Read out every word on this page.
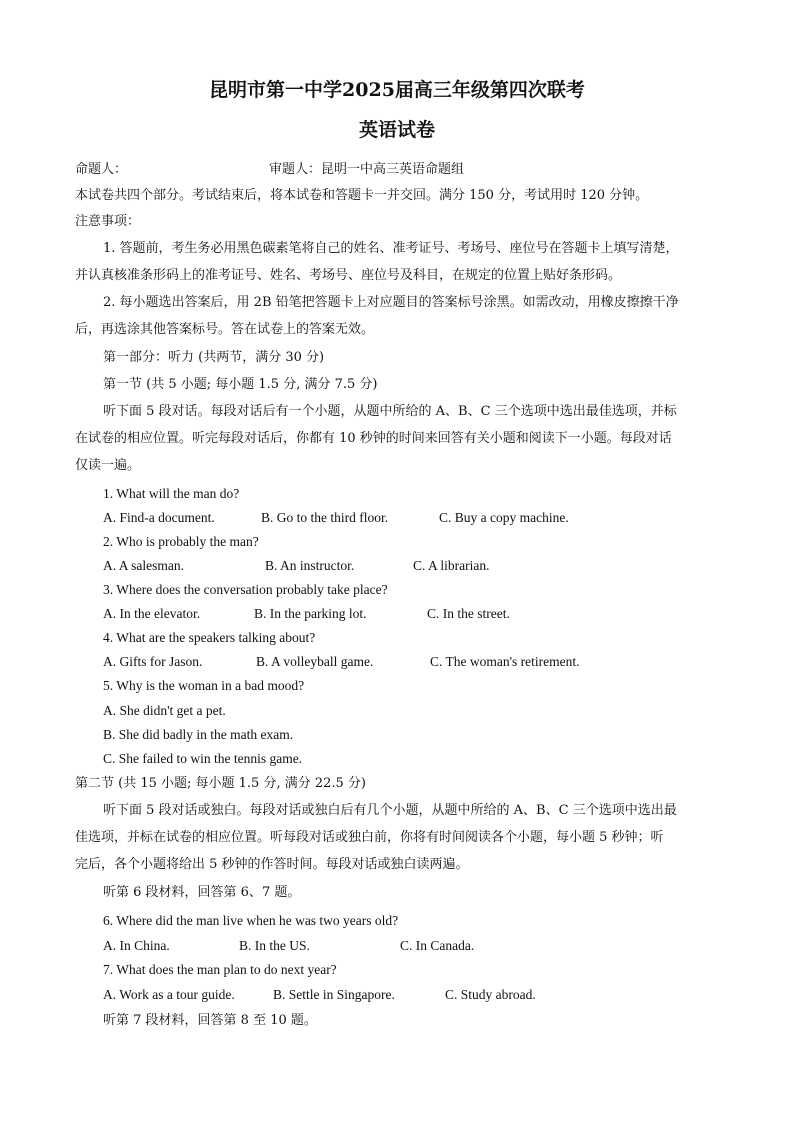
昆明市第一中学2025届高三年级第四次联考
英语试卷
命题人：	审题人：昆明一中高三英语命题组
本试卷共四个部分。考试结束后，将本试卷和答题卡一并交回。满分 150 分，考试用时 120 分钟。
注意事项：
1. 答题前，考生务必用黑色碳素笔将自己的姓名、准考证号、考场号、座位号在答题卡上填写清楚，
并认真核准条形码上的准考证号、姓名、考场号、座位号及科目，在规定的位置上贴好条形码。
2. 每小题选出答案后，用 2B 铅笔把答题卡上对应题目的答案标号涂黑。如需改动，用橡皮擦擦干净
后，再选涂其他答案标号。答在试卷上的答案无效。
第一部分：听力 (共两节，满分 30 分)
第一节 (共 5 小题; 每小题 1.5 分, 满分 7.5 分)
听下面 5 段对话。每段对话后有一个小题，从题中所给的 A、B、C 三个选项中选出最佳选项，并标
在试卷的相应位置。听完每段对话后，你都有 10 秒钟的时间来回答有关小题和阅读下一小题。每段对话
仅读一遍。
1. What will the man do?
A. Find-a document.	B. Go to the third floor.	C. Buy a copy machine.
2. Who is probably the man?
A. A salesman.	B. An instructor.	C. A librarian.
3. Where does the conversation probably take place?
A. In the elevator.	B. In the parking lot.	C. In the street.
4. What are the speakers talking about?
A. Gifts for Jason.	B. A volleyball game.	C. The woman's retirement.
5. Why is the woman in a bad mood?
A. She didn't get a pet.
B. She did badly in the math exam.
C. She failed to win the tennis game.
第二节 (共 15 小题; 每小题 1.5 分, 满分 22.5 分)
听下面 5 段对话或独白。每段对话或独白后有几个小题，从题中所给的 A、B、C 三个选项中选出最
佳选项，并标在试卷的相应位置。听每段对话或独白前，你将有时间阅读各个小题，每小题 5 秒钟；听
完后，各个小题将给出 5 秒钟的作答时间。每段对话或独白读两遍。
听第 6 段材料，回答第 6、7 题。
6. Where did the man live when he was two years old?
A. In China.	B. In the US.	C. In Canada.
7. What does the man plan to do next year?
A. Work as a tour guide.	B. Settle in Singapore.	C. Study abroad.
听第 7 段材料，回答第 8 至 10 题。
